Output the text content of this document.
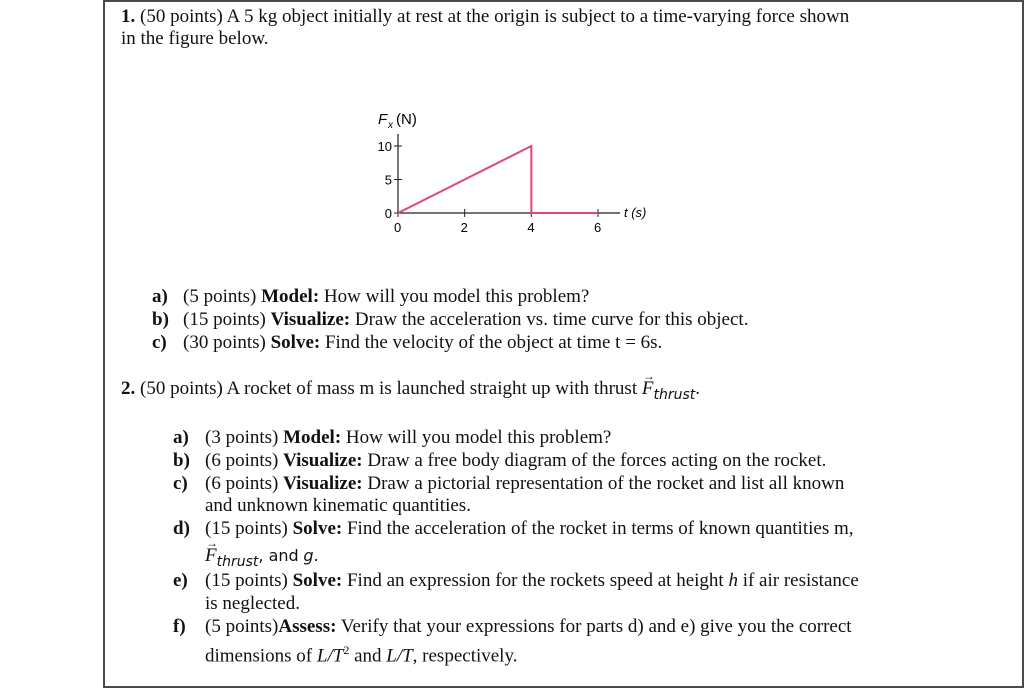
1. (50 points) A 5 kg object initially at rest at the origin is subject to a time-varying force shown
in the figure below.
F x (N)
t (s)
0	2	4	6
0
5
10
a) (5 points) Model: How will you model this problem?
b) (15 points) Visualize: Draw the acceleration vs. time curve for this object.
c) (30 points) Solve: Find the velocity of the object at time t = 6s.
2. (50 points) A rocket of mass m is launched straight up with thrust → $F_{thrust}$.
a) (3 points) Model: How will you model this problem?
b) (6 points) Visualize: Draw a free body diagram of the forces acting on the rocket.
c) (6 points) Visualize: Draw a pictorial representation of the rocket and list all known
and unknown kinematic quantities.
d) (15 points) Solve: Find the acceleration of the rocket in terms of known quantities m,
→ $F_{thrust}$, and g.
e) (15 points) Solve: Find an expression for the rockets speed at height h if air resistance
is neglected.
f) (5 points)Assess: Verify that your expressions for parts d) and e) give you the correct
dimensions of $L/T^2$ and L/T, respectively.
